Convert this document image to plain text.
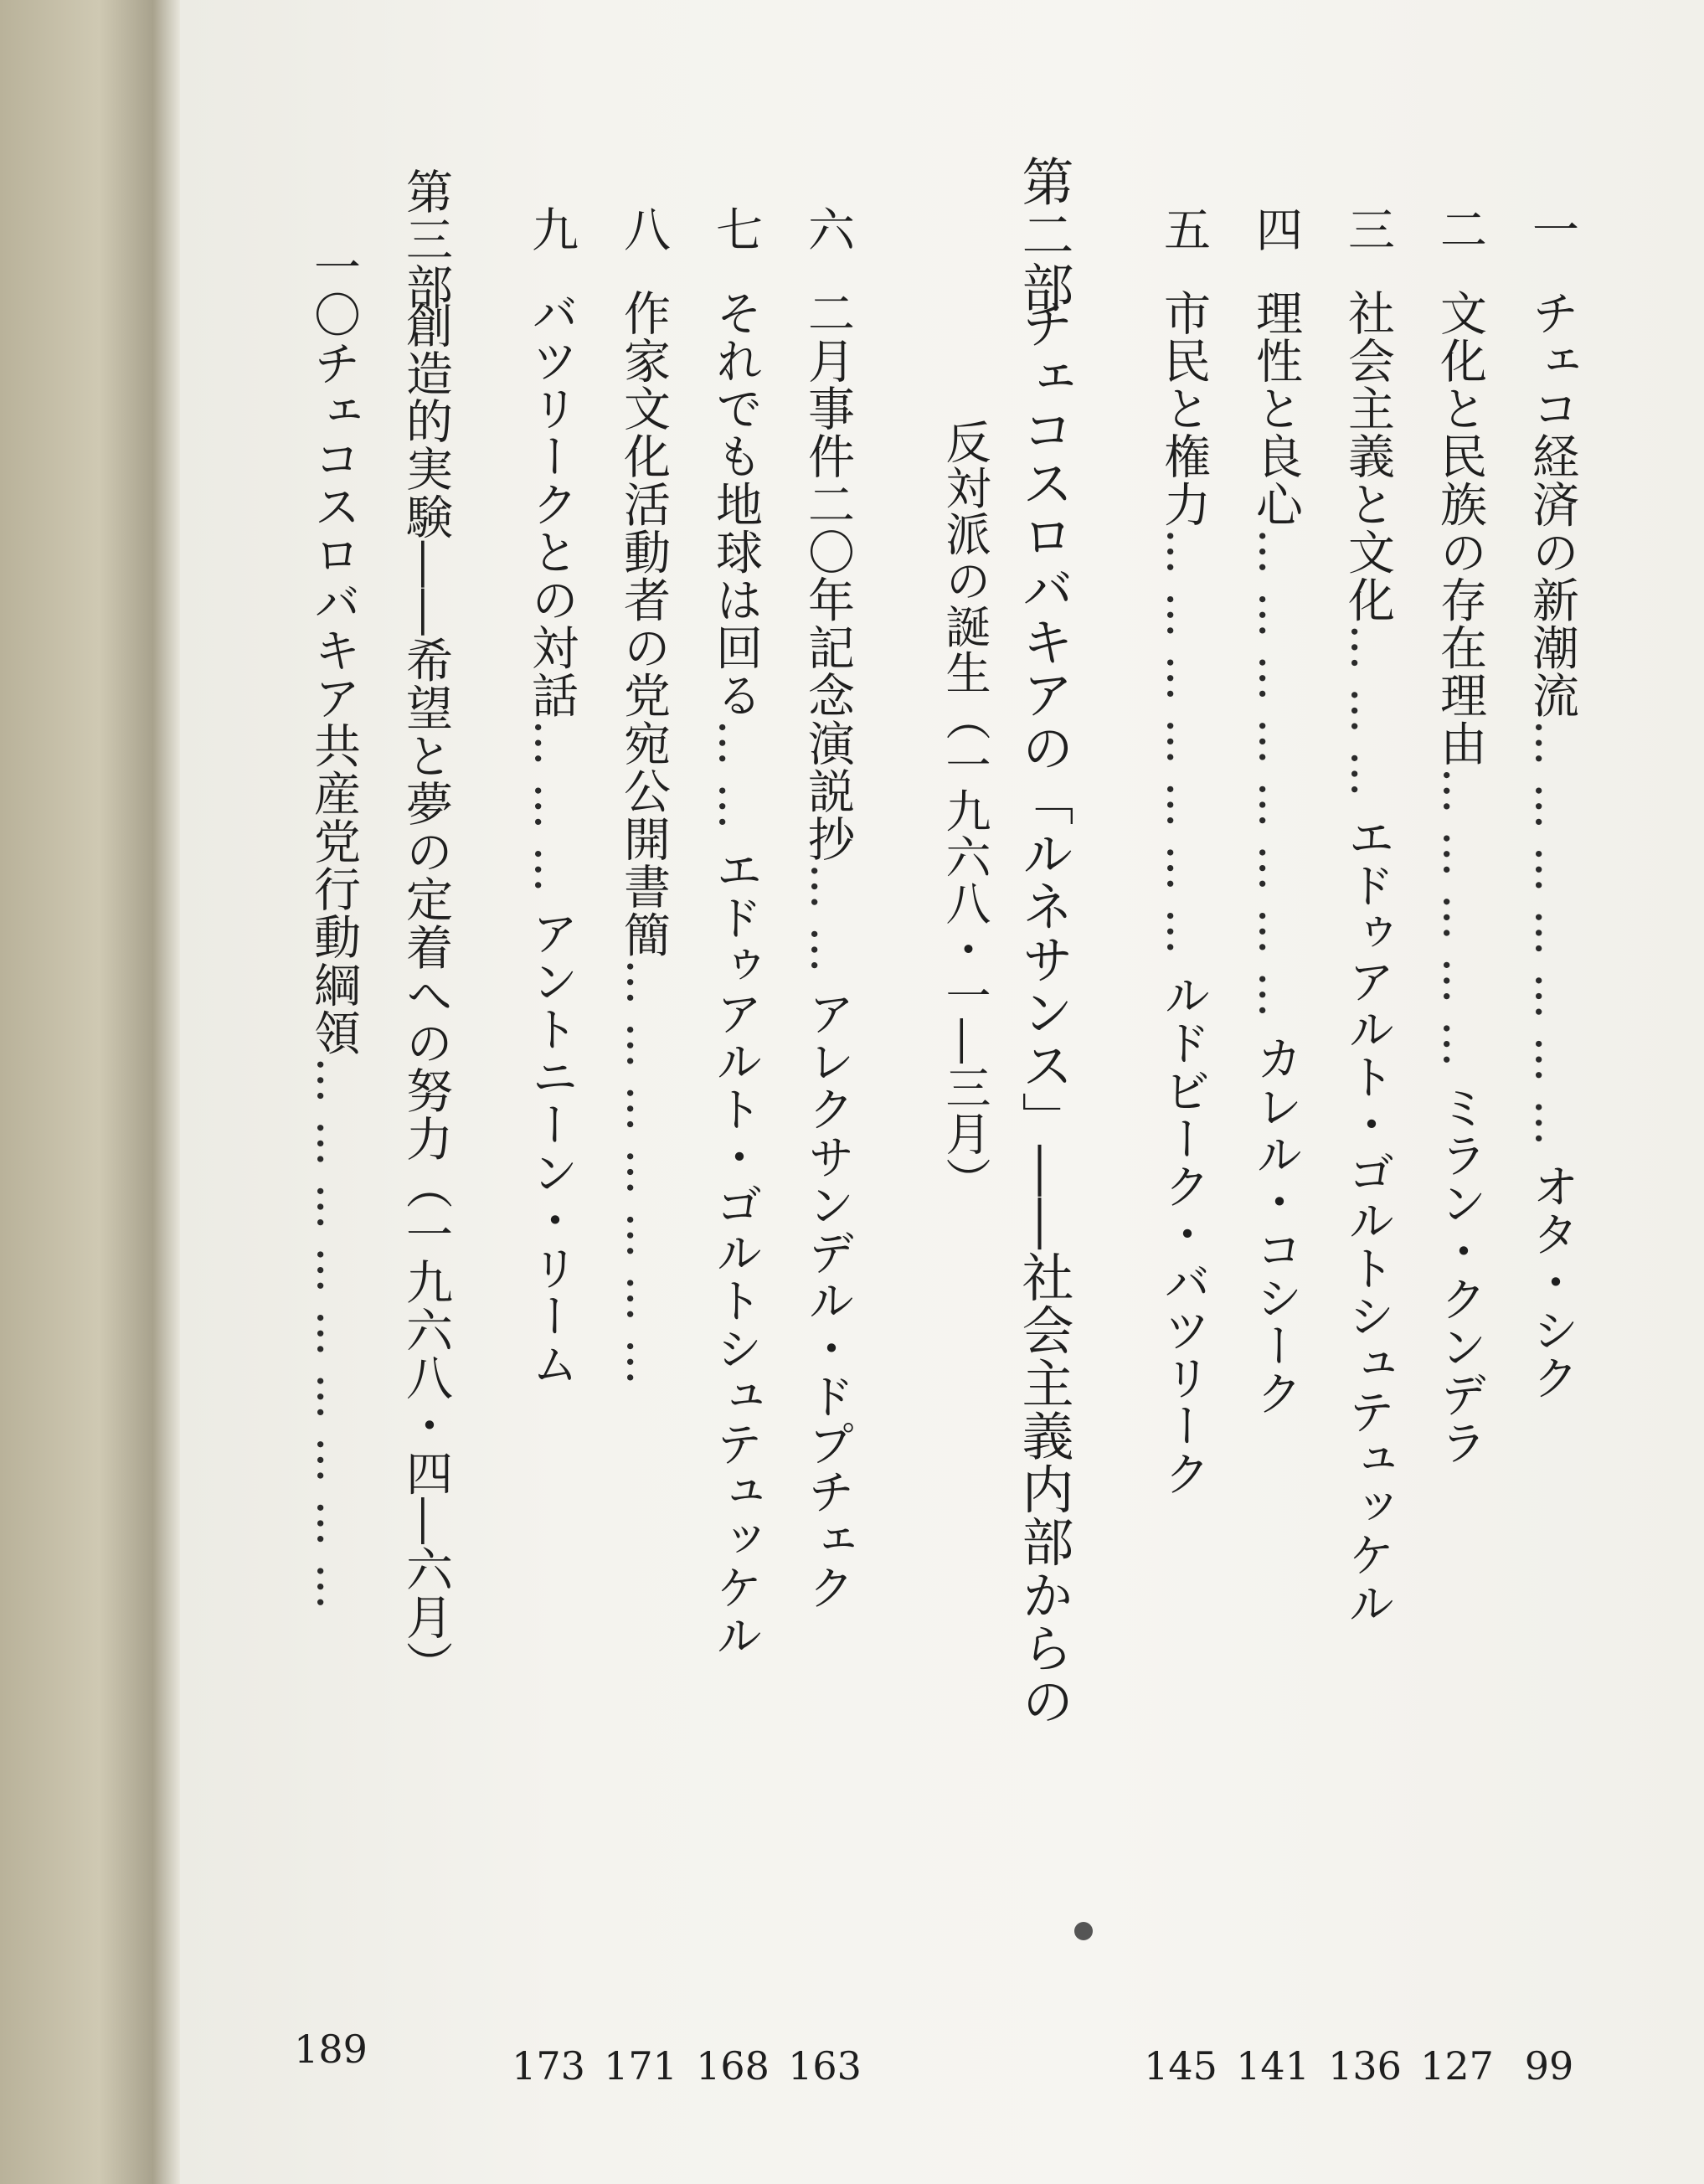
一チェコ経済の新潮流…………………オタ・シク
99
二文化と民族の存在理由……………ミラン・クンデラ
127
三社会主義と文化………エドゥアルト・ゴルトシュテュッケル
136
四理性と良心……………………カレル・コシーク
141
五市民と権力…………………ルドビーク・バツリーク
145
第二部チェコスロバキアの「ルネサンス」――社会主義内部からの
反対派の誕生（一九六八・一―三月）
六二月事件二〇年記念演説抄……アレクサンデル・ドプチェク
163
七それでも地球は回る……エドゥアルト・ゴルトシュテュッケル
168
八作家文化活動者の党宛公開書簡…………………
171
九バツリークとの対話………アントニーン・リーム
173
第三部創造的実験――希望と夢の定着への努力（一九六八・四―六月）
一〇チェコスロバキア共産党行動綱領………………………
189
